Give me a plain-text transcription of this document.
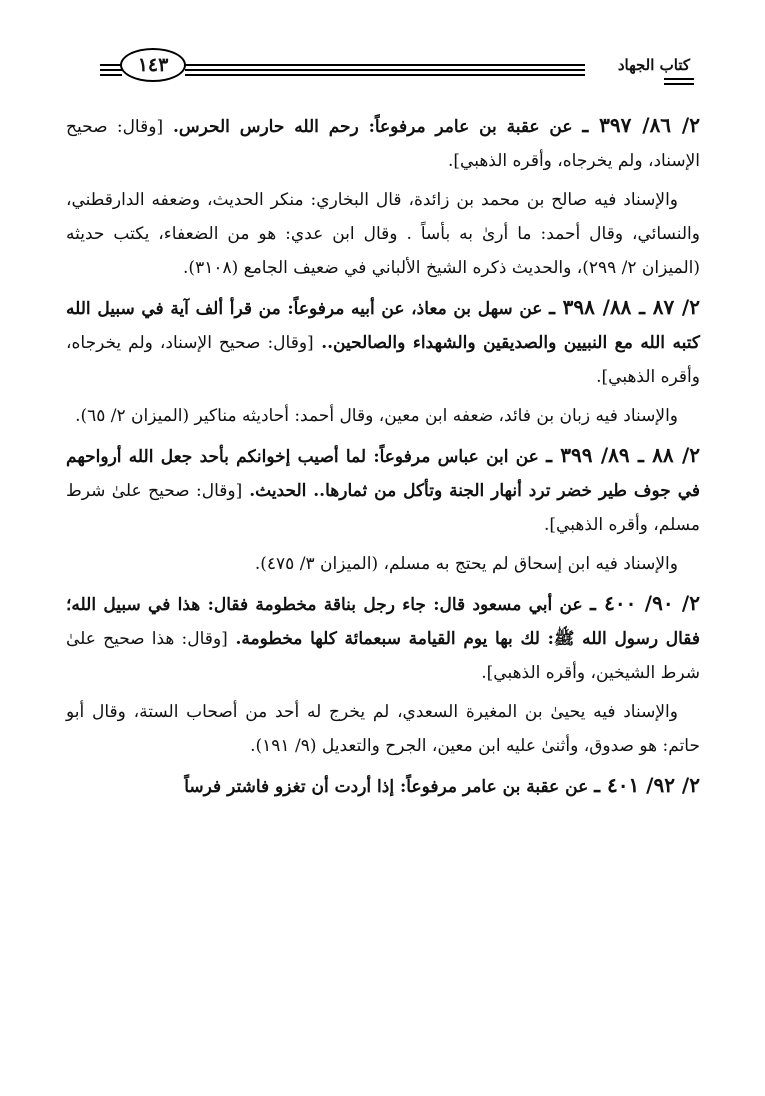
كتاب الجهاد
١٤٣

٢/ ٨٦/ ٣٩٧ ـ عن عقبة بن عامر مرفوعاً: رحم الله حارس الحرس. [وقال: صحيح الإسناد، ولم يخرجاه، وأقره الذهبي].

والإسناد فيه صالح بن محمد بن زائدة، قال البخاري: منكر الحديث، وضعفه الدارقطني، والنسائي، وقال أحمد: ما أرىٰ به بأساً . وقال ابن عدي: هو من الضعفاء، يكتب حديثه (الميزان ٢/ ٢٩٩)، والحديث ذكره الشيخ الألباني في ضعيف الجامع (٣١٠٨).

٢/ ٨٧ ـ ٨٨/ ٣٩٨ ـ عن سهل بن معاذ، عن أبيه مرفوعاً: من قرأ ألف آية في سبيل الله كتبه الله مع النبيين والصديقين والشهداء والصالحين.. [وقال: صحيح الإسناد، ولم يخرجاه، وأقره الذهبي].

والإسناد فيه زبان بن فائد، ضعفه ابن معين، وقال أحمد: أحاديثه مناكير (الميزان ٢/ ٦٥).

٢/ ٨٨ ـ ٨٩/ ٣٩٩ ـ عن ابن عباس مرفوعاً: لما أصيب إخوانكم بأحد جعل الله أرواحهم في جوف طير خضر ترد أنهار الجنة وتأكل من ثمارها.. الحديث. [وقال: صحيح علىٰ شرط مسلم، وأقره الذهبي].

والإسناد فيه ابن إسحاق لم يحتج به مسلم، (الميزان ٣/ ٤٧٥).

٢/ ٩٠/ ٤٠٠ ـ عن أبي مسعود قال: جاء رجل بناقة مخطومة فقال: هذا في سبيل الله؛ فقال رسول الله ﷺ: لك بها يوم القيامة سبعمائة كلها مخطومة. [وقال: هذا صحيح علىٰ شرط الشيخين، وأقره الذهبي].

والإسناد فيه يحيىٰ بن المغيرة السعدي، لم يخرج له أحد من أصحاب الستة، وقال أبو حاتم: هو صدوق، وأثنىٰ عليه ابن معين، الجرح والتعديل (٩/ ١٩١).

٢/ ٩٢/ ٤٠١ ـ عن عقبة بن عامر مرفوعاً: إذا أردت أن تغزو فاشتر فرساً
